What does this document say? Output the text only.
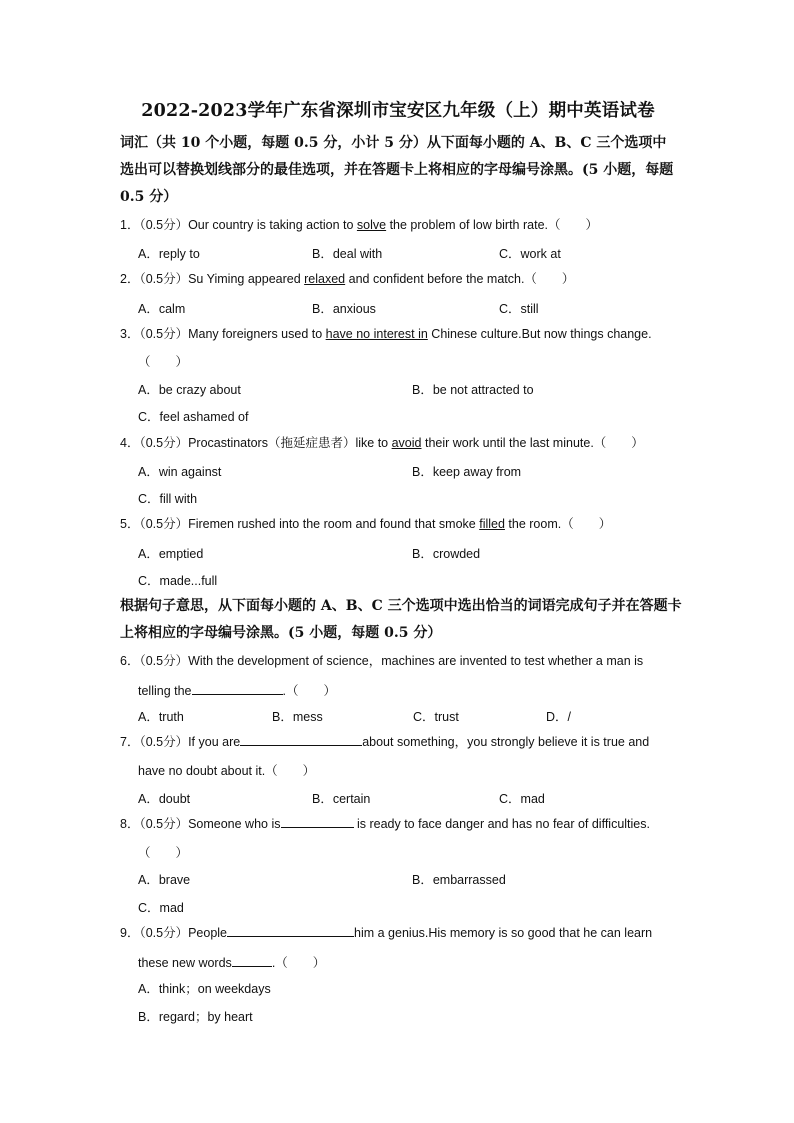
2022-2023学年广东省深圳市宝安区九年级（上）期中英语试卷
词汇（共 10 个小题，每题 0.5 分，小计 5 分）从下面每小题的 A、B、C 三个选项中
选出可以替换划线部分的最佳选项，并在答题卡上将相应的字母编号涂黑。(5 小题，每题
0.5 分）
1．（0.5分）Our country is taking action to solve the problem of low birth rate.（　　）
A．reply to	B．deal with	C．work at
2．（0.5分）Su Yiming appeared relaxed and confident before the match.（　　）
A．calm	B．anxious	C．still
3．（0.5分）Many foreigners used to have no interest in Chinese culture.But now things change.
（　　）
A．be crazy about	B．be not attracted to
C．feel ashamed of
4．（0.5分）Procastinators（拖延症患者）like to avoid their work until the last minute.（　　）
A．win against	B．keep away from
C．fill with
5．（0.5分）Firemen rushed into the room and found that smoke filled the room.（　　）
A．emptied	B．crowded
C．made...full
根据句子意思，从下面每小题的 A、B、C 三个选项中选出恰当的词语完成句子并在答题卡
上将相应的字母编号涂黑。(5 小题，每题 0.5 分）
6．（0.5分）With the development of science，machines are invented to test whether a man is
telling the	.（　　）
A．truth	B．mess	C．trust	D．/
7．（0.5分）If you are	about something，you strongly believe it is true and
have no doubt about it.（　　）
A．doubt	B．certain	C．mad
8．（0.5分）Someone who is	is ready to face danger and has no fear of difficulties.
（　　）
A．brave	B．embarrassed
C．mad
9．（0.5分）People	him a genius.His memory is so good that he can learn
these new words	.（　　）
A．think；on weekdays
B．regard；by heart
